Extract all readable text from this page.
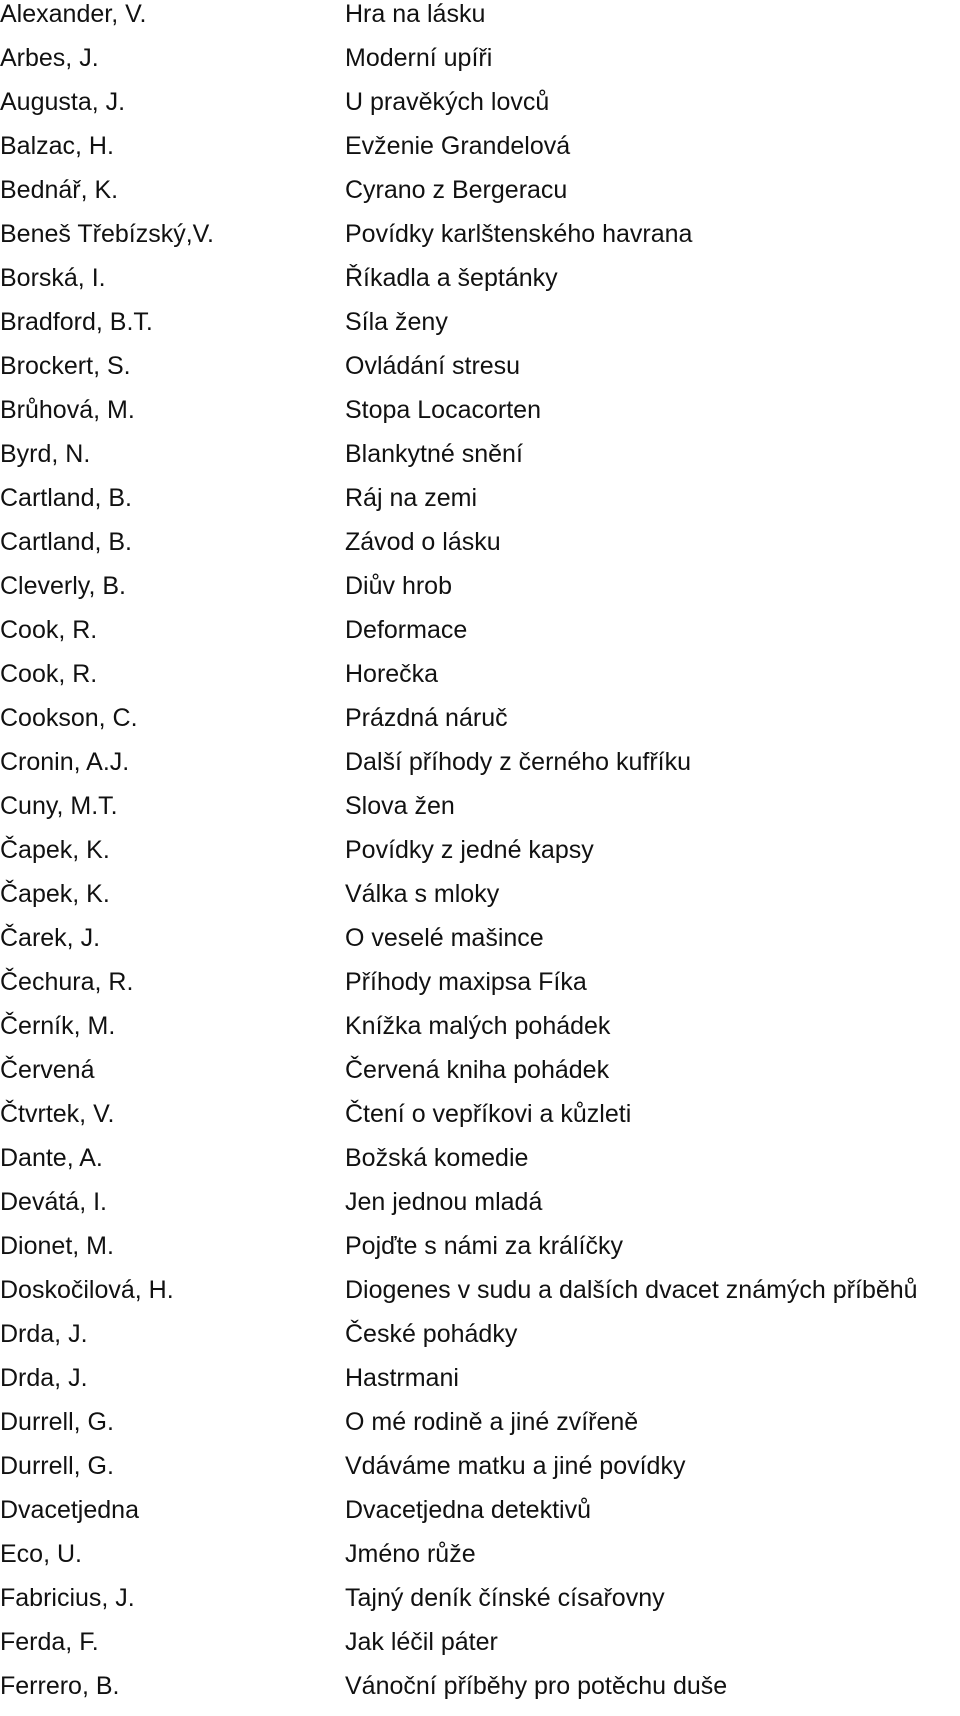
Alexander, V.	Hra na lásku
Arbes, J.	Moderní upíři
Augusta, J.	U pravěkých lovců
Balzac, H.	Evženie Grandelová
Bednář, K.	Cyrano z Bergeracu
Beneš Třebízský,V.	Povídky karlštenského havrana
Borská, I.	Říkadla a šeptánky
Bradford, B.T.	Síla ženy
Brockert, S.	Ovládání stresu
Brůhová, M.	Stopa Locacorten
Byrd, N.	Blankytné snění
Cartland, B.	Ráj na zemi
Cartland, B.	Závod o lásku
Cleverly, B.	Diův hrob
Cook, R.	Deformace
Cook, R.	Horečka
Cookson, C.	Prázdná náruč
Cronin, A.J.	Další příhody z černého kufříku
Cuny, M.T.	Slova žen
Čapek, K.	Povídky z jedné kapsy
Čapek, K.	Válka s mloky
Čarek, J.	O veselé mašince
Čechura, R.	Příhody maxipsa Fíka
Černík, M.	Knížka malých pohádek
Červená	Červená kniha pohádek
Čtvrtek, V.	Čtení o vepříkovi a kůzleti
Dante, A.	Božská komedie
Devátá, I.	Jen jednou mladá
Dionet, M.	Pojďte s námi za králíčky
Doskočilová, H.	Diogenes v sudu a dalších dvacet známých příběhů
Drda, J.	České pohádky
Drda, J.	Hastrmani
Durrell, G.	O mé rodině a jiné zvířeně
Durrell, G.	Vdáváme matku a jiné povídky
Dvacetjedna	Dvacetjedna detektivů
Eco, U.	Jméno růže
Fabricius, J.	Tajný deník čínské císařovny
Ferda, F.	Jak léčil páter
Ferrero, B.	Vánoční příběhy pro potěchu duše
